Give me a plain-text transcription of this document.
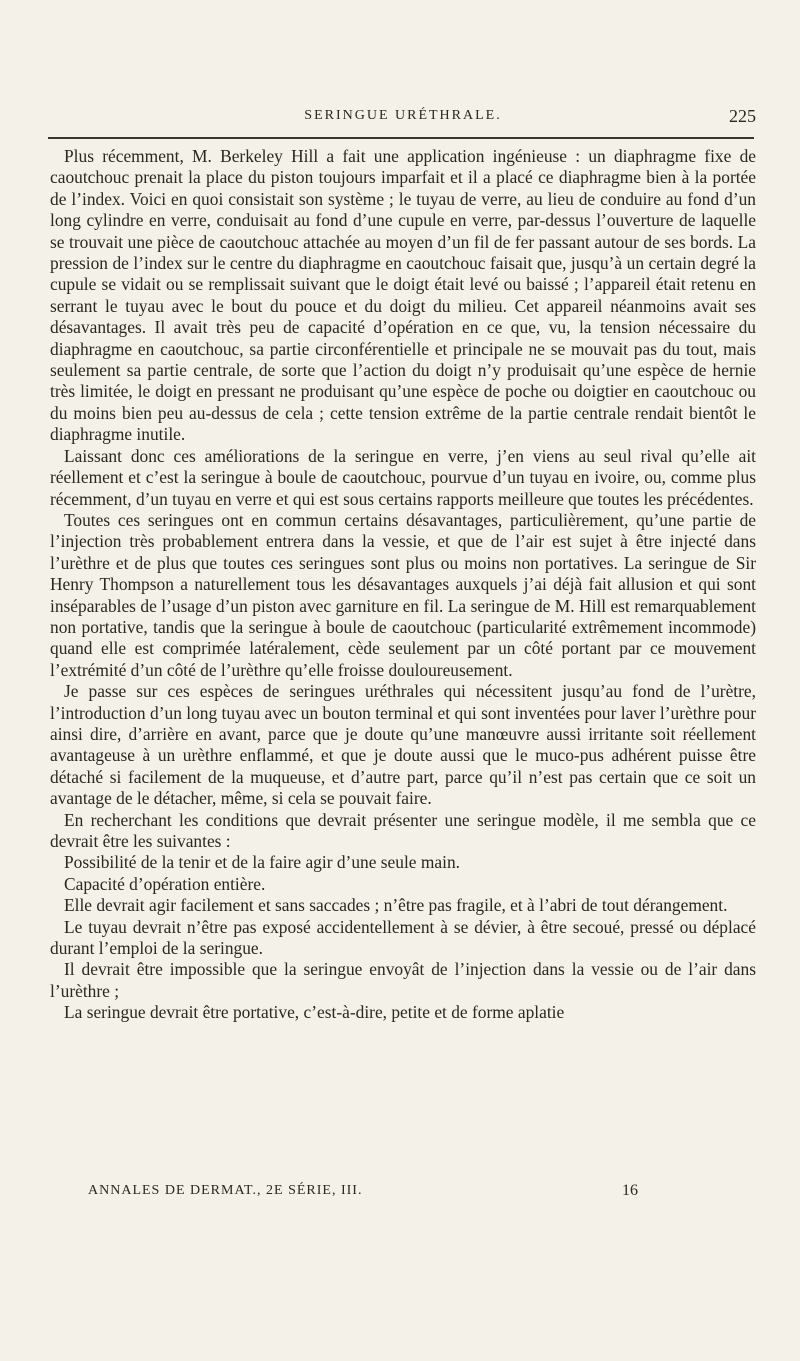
SERINGUE URÉTHRALE.	225

Plus récemment, M. Berkeley Hill a fait une application ingénieuse : un diaphragme fixe de caoutchouc prenait la place du piston toujours imparfait et il a placé ce diaphragme bien à la portée de l’index. Voici en quoi consistait son système ; le tuyau de verre, au lieu de conduire au fond d’un long cylindre en verre, conduisait au fond d’une cupule en verre, par-dessus l’ouverture de laquelle se trouvait une pièce de caoutchouc attachée au moyen d’un fil de fer passant autour de ses bords. La pression de l’index sur le centre du diaphragme en caoutchouc faisait que, jusqu’à un certain degré la cupule se vidait ou se remplissait suivant que le doigt était levé ou baissé ; l’appareil était retenu en serrant le tuyau avec le bout du pouce et du doigt du milieu. Cet appareil néanmoins avait ses désavantages. Il avait très peu de capacité d’opération en ce que, vu, la tension nécessaire du diaphragme en caoutchouc, sa partie circonférentielle et principale ne se mouvait pas du tout, mais seulement sa partie centrale, de sorte que l’action du doigt n’y produisait qu’une espèce de hernie très limitée, le doigt en pressant ne produisant qu’une espèce de poche ou doigtier en caoutchouc ou du moins bien peu au-dessus de cela ; cette tension extrême de la partie centrale rendait bientôt le diaphragme inutile.

Laissant donc ces améliorations de la seringue en verre, j’en viens au seul rival qu’elle ait réellement et c’est la seringue à boule de caoutchouc, pourvue d’un tuyau en ivoire, ou, comme plus récemment, d’un tuyau en verre et qui est sous certains rapports meilleure que toutes les précédentes.

Toutes ces seringues ont en commun certains désavantages, particulièrement, qu’une partie de l’injection très probablement entrera dans la vessie, et que de l’air est sujet à être injecté dans l’urèthre et de plus que toutes ces seringues sont plus ou moins non portatives. La seringue de Sir Henry Thompson a naturellement tous les désavantages auxquels j’ai déjà fait allusion et qui sont inséparables de l’usage d’un piston avec garniture en fil. La seringue de M. Hill est remarquablement non portative, tandis que la seringue à boule de caoutchouc (particularité extrêmement incommode) quand elle est comprimée latéralement, cède seulement par un côté portant par ce mouvement l’extrémité d’un côté de l’urèthre qu’elle froisse douloureusement.

Je passe sur ces espèces de seringues uréthrales qui nécessitent jusqu’au fond de l’urètre, l’introduction d’un long tuyau avec un bouton terminal et qui sont inventées pour laver l’urèthre pour ainsi dire, d’arrière en avant, parce que je doute qu’une manœuvre aussi irritante soit réellement avantageuse à un urèthre enflammé, et que je doute aussi que le muco-pus adhérent puisse être détaché si facilement de la muqueuse, et d’autre part, parce qu’il n’est pas certain que ce soit un avantage de le détacher, même, si cela se pouvait faire.

En recherchant les conditions que devrait présenter une seringue modèle, il me sembla que ce devrait être les suivantes :

Possibilité de la tenir et de la faire agir d’une seule main.

Capacité d’opération entière.

Elle devrait agir facilement et sans saccades ; n’être pas fragile, et à l’abri de tout dérangement.

Le tuyau devrait n’être pas exposé accidentellement à se dévier, à être secoué, pressé ou déplacé durant l’emploi de la seringue.

Il devrait être impossible que la seringue envoyât de l’injection dans la vessie ou de l’air dans l’urèthre ;

La seringue devrait être portative, c’est-à-dire, petite et de forme aplatie

ANNALES DE DERMAT., 2E SÉRIE, III.	16
